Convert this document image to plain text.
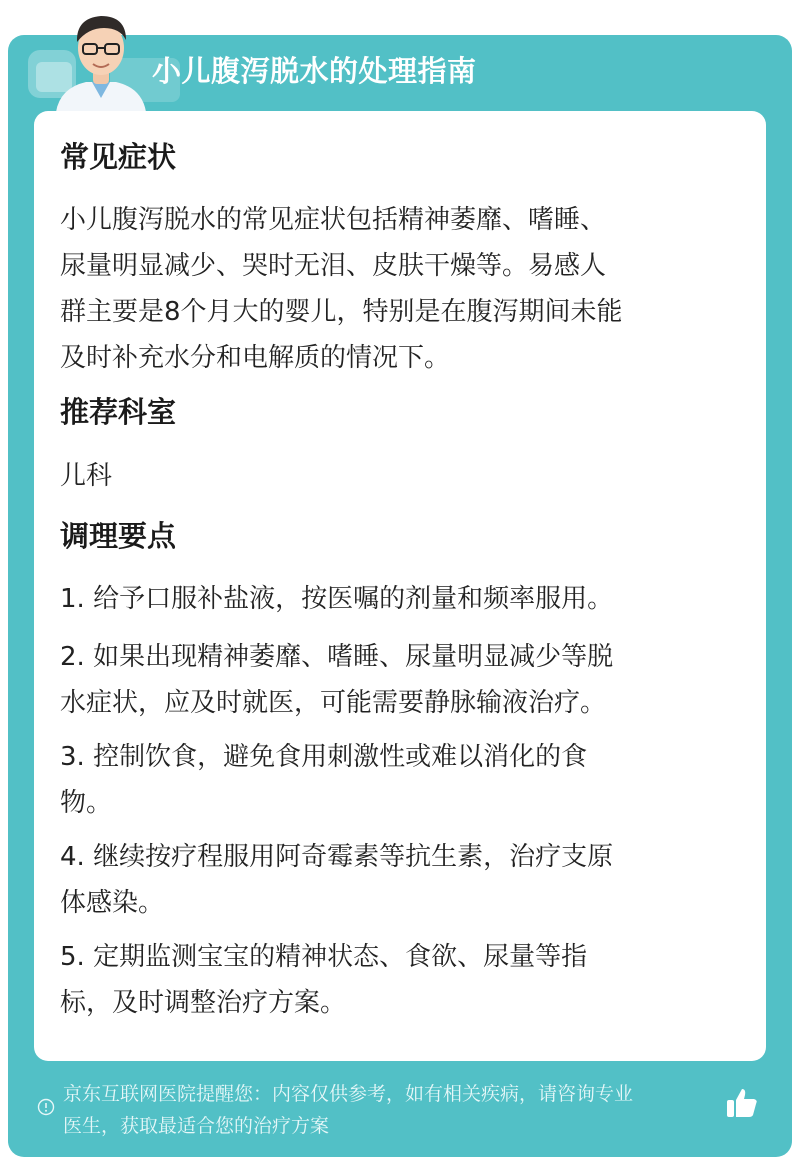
小儿腹泻脱水的处理指南
常见症状
小儿腹泻脱水的常见症状包括精神萎靡、嗜睡、
尿量明显减少、哭时无泪、皮肤干燥等。易感人
群主要是8个月大的婴儿，特别是在腹泻期间未能
及时补充水分和电解质的情况下。
推荐科室
儿科
调理要点
1. 给予口服补盐液，按医嘱的剂量和频率服用。
2. 如果出现精神萎靡、嗜睡、尿量明显减少等脱
水症状，应及时就医，可能需要静脉输液治疗。
3. 控制饮食，避免食用刺激性或难以消化的食
物。
4. 继续按疗程服用阿奇霉素等抗生素，治疗支原
体感染。
5. 定期监测宝宝的精神状态、食欲、尿量等指
标，及时调整治疗方案。
京东互联网医院提醒您：内容仅供参考，如有相关疾病，请咨询专业
医生，获取最适合您的治疗方案
